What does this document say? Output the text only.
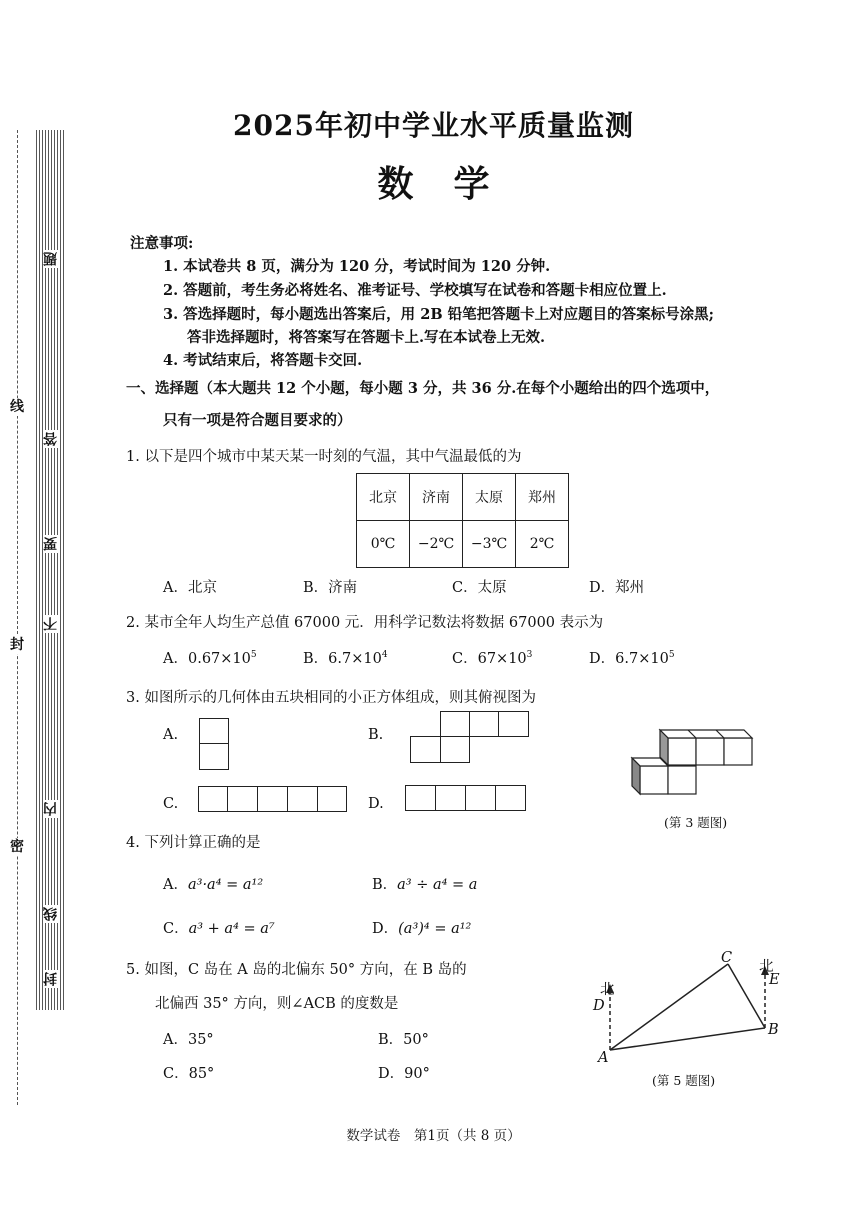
线
封
密
题
答
要
不
内
线
封
2025年初中学业水平质量监测
数学
注意事项:
1. 本试卷共 8 页，满分为 120 分，考试时间为 120 分钟.
2. 答题前，考生务必将姓名、准考证号、学校填写在试卷和答题卡相应位置上.
3. 答选择题时，每小题选出答案后，用 2B 铅笔把答题卡上对应题目的答案标号涂黑;
答非选择题时，将答案写在答题卡上.写在本试卷上无效.
4. 考试结束后，将答题卡交回.
一、选择题（本大题共 12 个小题，每小题 3 分，共 36 分.在每个小题给出的四个选项中，
只有一项是符合题目要求的）
1. 以下是四个城市中某天某一时刻的气温，其中气温最低的为
北京	济南	太原	郑州
0℃	−2℃	−3℃	2℃
A．北京	B．济南	C．太原	D．郑州
2. 某市全年人均生产总值 67000 元．用科学记数法将数据 67000 表示为
A．$0.67\times 10^5$	B．$6.7\times 10^4$	C．$67\times 10^3$	D．$6.7\times 10^5$
3. 如图所示的几何体由五块相同的小正方体组成，则其俯视图为
A.	B.
C.	D.
(第 3 题图)
4. 下列计算正确的是
A．a³·a⁴ = a¹²	B．a³ ÷ a⁴ = a
C．a³ + a⁴ = a⁷	D．(a³)⁴ = a¹²
5. 如图，C 岛在 A 岛的北偏东 50° 方向，在 B 岛的
北偏西 35° 方向，则∠ACB 的度数是
A．35°	B．50°
C．85°	D．90°
北
北
D
E
C
B
A
(第 5 题图)
数学试卷　第1页（共 8 页）
